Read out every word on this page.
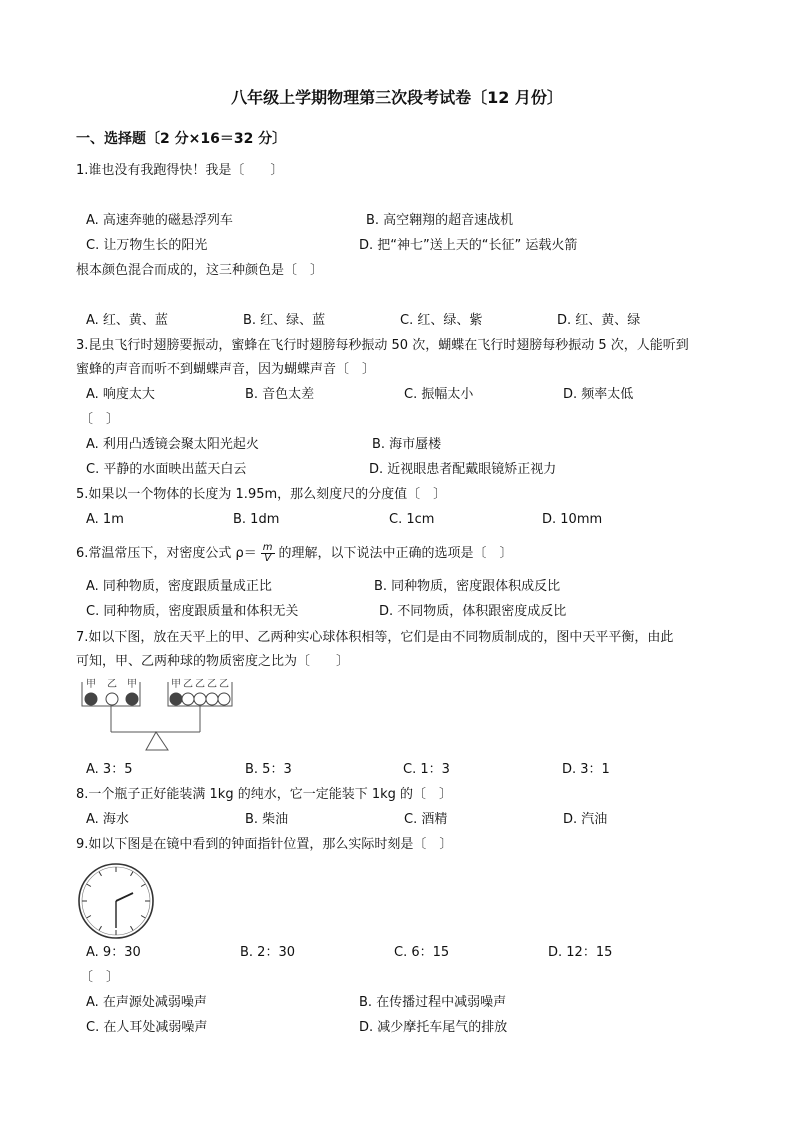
八年级上学期物理第三次段考试卷〔12 月份〕
一、选择题〔2 分×16＝32 分〕
1.谁也没有我跑得快！我是〔　　〕
A. 高速奔驰的磁悬浮列车	B. 高空翱翔的超音速战机
C. 让万物生长的阳光	D. 把“神七”送上天的“长征” 运载火箭
根本颜色混合而成的，这三种颜色是〔　〕
A. 红、黄、蓝	B. 红、绿、蓝	C. 红、绿、紫	D. 红、黄、绿
3.昆虫飞行时翅膀要振动，蜜蜂在飞行时翅膀每秒振动 50 次，蝴蝶在飞行时翅膀每秒振动 5 次，人能听到
蜜蜂的声音而听不到蝴蝶声音，因为蝴蝶声音〔　〕
A. 响度太大	B. 音色太差	C. 振幅太小	D. 频率太低
〔　〕
A. 利用凸透镜会聚太阳光起火	B. 海市蜃楼
C. 平静的水面映出蓝天白云	D. 近视眼患者配戴眼镜矫正视力
5.如果以一个物体的长度为 1.95m，那么刻度尺的分度值〔　〕
A. 1m	B. 1dm	C. 1cm	D. 10mm
6.常温常压下，对密度公式 $\rho= \frac{m}{V}$ 的理解，以下说法中正确的选项是〔　〕
A. 同种物质，密度跟质量成正比	B. 同种物质，密度跟体积成反比
C. 同种物质，密度跟质量和体积无关	D. 不同物质，体积跟密度成反比
7.如以下图，放在天平上的甲、乙两种实心球体积相等，它们是由不同物质制成的，图中天平平衡，由此
可知，甲、乙两种球的物质密度之比为〔　　〕
甲 乙 甲	甲 乙 乙 乙 乙
A. 3：5	B. 5：3	C. 1：3	D. 3：1
8.一个瓶子正好能装满 1kg 的纯水，它一定能装下 1kg 的〔　〕
A. 海水	B. 柴油	C. 酒精	D. 汽油
9.如以下图是在镜中看到的钟面指针位置，那么实际时刻是〔　〕
A. 9：30	B. 2：30	C. 6：15	D. 12：15
〔　〕
A. 在声源处减弱噪声	B. 在传播过程中减弱噪声
C. 在人耳处减弱噪声	D. 减少摩托车尾气的排放
